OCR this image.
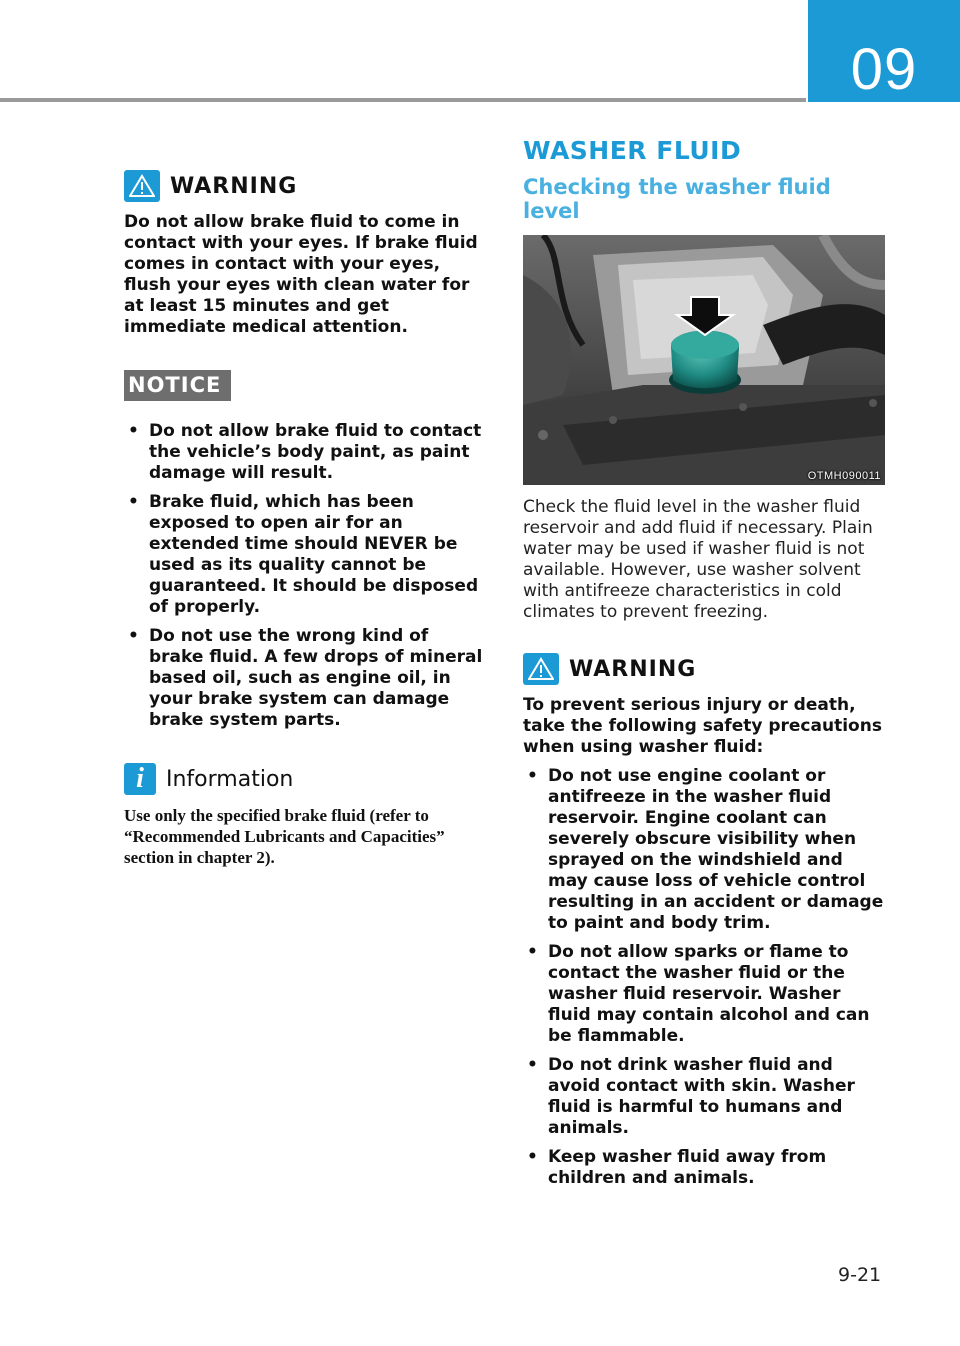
09
WARNING
Do not allow brake fluid to come in contact with your eyes. If brake fluid comes in contact with your eyes, flush your eyes with clean water for at least 15 minutes and get immediate medical attention.
NOTICE
• Do not allow brake fluid to contact the vehicle’s body paint, as paint damage will result.
• Brake fluid, which has been exposed to open air for an extended time should NEVER be used as its quality cannot be guaranteed. It should be disposed of properly.
• Do not use the wrong kind of brake fluid. A few drops of mineral based oil, such as engine oil, in your brake system can damage brake system parts.
i	Information
Use only the specified brake fluid (refer to “Recommended Lubricants and Capacities” section in chapter 2).
WASHER FLUID
Checking the washer fluid level
OTMH090011

Check the fluid level in the washer fluid reservoir and add fluid if necessary. Plain water may be used if washer fluid is not available. However, use washer solvent with antifreeze characteristics in cold climates to prevent freezing.

WARNING
To prevent serious injury or death, take the following safety precautions when using washer fluid:
• Do not use engine coolant or antifreeze in the washer fluid reservoir. Engine coolant can severely obscure visibility when sprayed on the windshield and may cause loss of vehicle control resulting in an accident or damage to paint and body trim.
• Do not allow sparks or flame to contact the washer fluid or the washer fluid reservoir. Washer fluid may contain alcohol and can be flammable.
• Do not drink washer fluid and avoid contact with skin. Washer fluid is harmful to humans and animals.
• Keep washer fluid away from children and animals.
9-21
